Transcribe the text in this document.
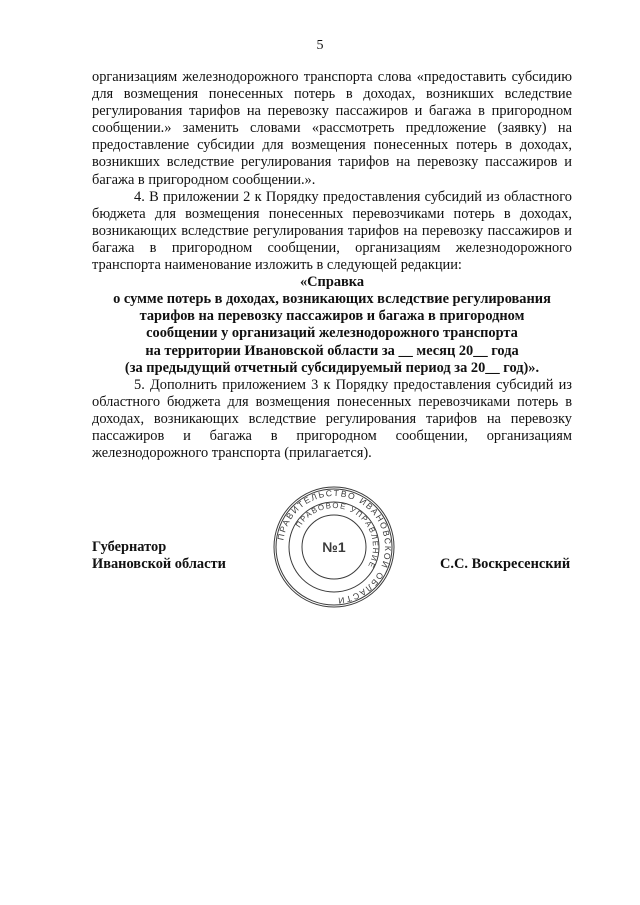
5

организациям железнодорожного транспорта слова «предоставить субсидию для возмещения понесенных потерь в доходах, возникших вследствие регулирования тарифов на перевозку пассажиров и багажа в пригородном сообщении.» заменить словами «рассмотреть предложение (заявку) на предоставление субсидии для возмещения понесенных потерь в доходах, возникших вследствие регулирования тарифов на перевозку пассажиров и багажа в пригородном сообщении.».

4. В приложении 2 к Порядку предоставления субсидий из областного бюджета для возмещения понесенных перевозчиками потерь в доходах, возникающих вследствие регулирования тарифов на перевозку пассажиров и багажа в пригородном сообщении, организациям железнодорожного транспорта наименование изложить в следующей редакции:

«Справка

о сумме потерь в доходах, возникающих вследствие регулирования

тарифов на перевозку пассажиров и багажа в пригородном

сообщении у организаций железнодорожного транспорта

на территории Ивановской области за __ месяц 20__ года

(за предыдущий отчетный субсидируемый период за 20__ год)».

5. Дополнить приложением 3 к Порядку предоставления субсидий из областного бюджета для возмещения понесенных перевозчиками потерь в доходах, возникающих вследствие регулирования тарифов на перевозку пассажиров и багажа в пригородном сообщении, организациям железнодорожного транспорта (прилагается).

Губернатор
Ивановской области	С.С. Воскресенский
ПРАВИТЕЛЬСТВО ИВАНОВСКОЙ ОБЛАСТИ
ПРАВОВОЕ УПРАВЛЕНИЕ
№1
